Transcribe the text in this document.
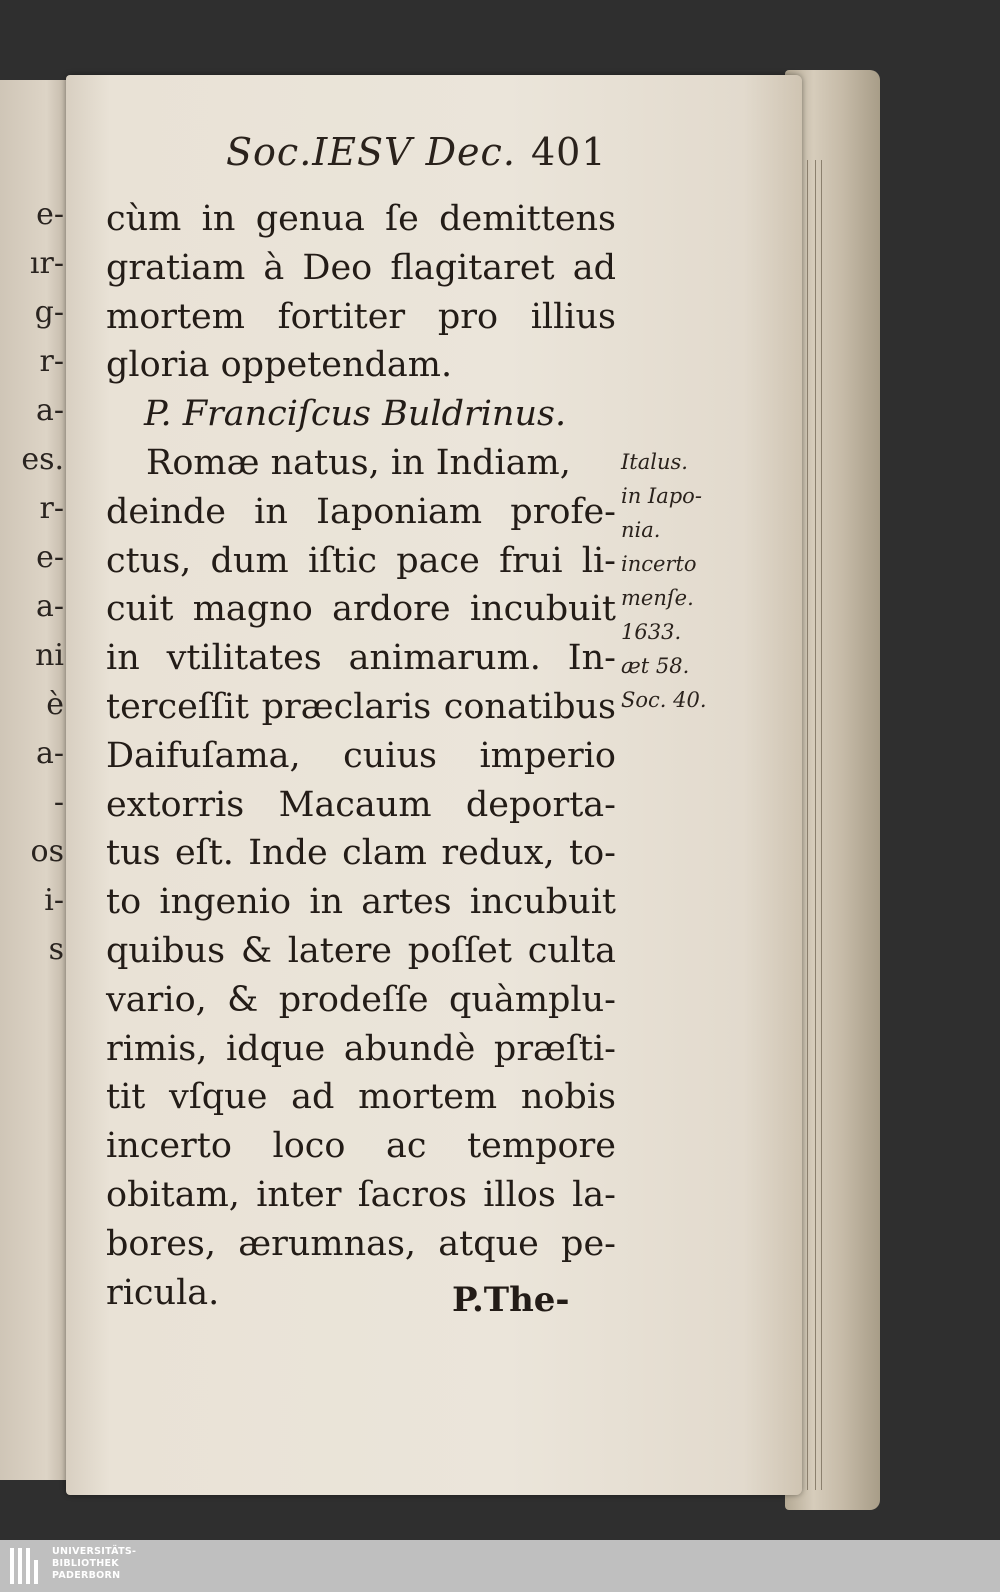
e-
ır-
g-
r-
a-
es.
r-
e-
a-
ni
è
a-
-
os
i-
s
Soc.IESV Dec. 401
cùm in genua ſe demittens
gratiam à Deo flagitaret ad
mortem fortiter pro illius
gloria oppetendam.
P. Franciſcus Buldrinus.
Romæ natus, in Indiam,
deinde in Iaponiam profe-
ctus, dum iſtic pace frui li-
cuit magno ardore incubuit
in vtilitates animarum. In-
terceſſit præclaris conatibus
Daifuſama, cuius imperio
extorris Macaum deporta-
tus eſt. Inde clam redux, to-
to ingenio in artes incubuit
quibus & latere poſſet culta
vario, & prodeſſe quàmplu-
rimis, idque abundè præſti-
tit vſque ad mortem nobis
incerto loco ac tempore
obitam, inter ſacros illos la-
bores, ærumnas, atque pe-
ricula.
Italus.
in Iapo-
nia.
incerto
menſe.
1633.
æt 58.
Soc. 40.
P.The-
UNIVERSITÄTS-
BIBLIOTHEK
PADERBORN
